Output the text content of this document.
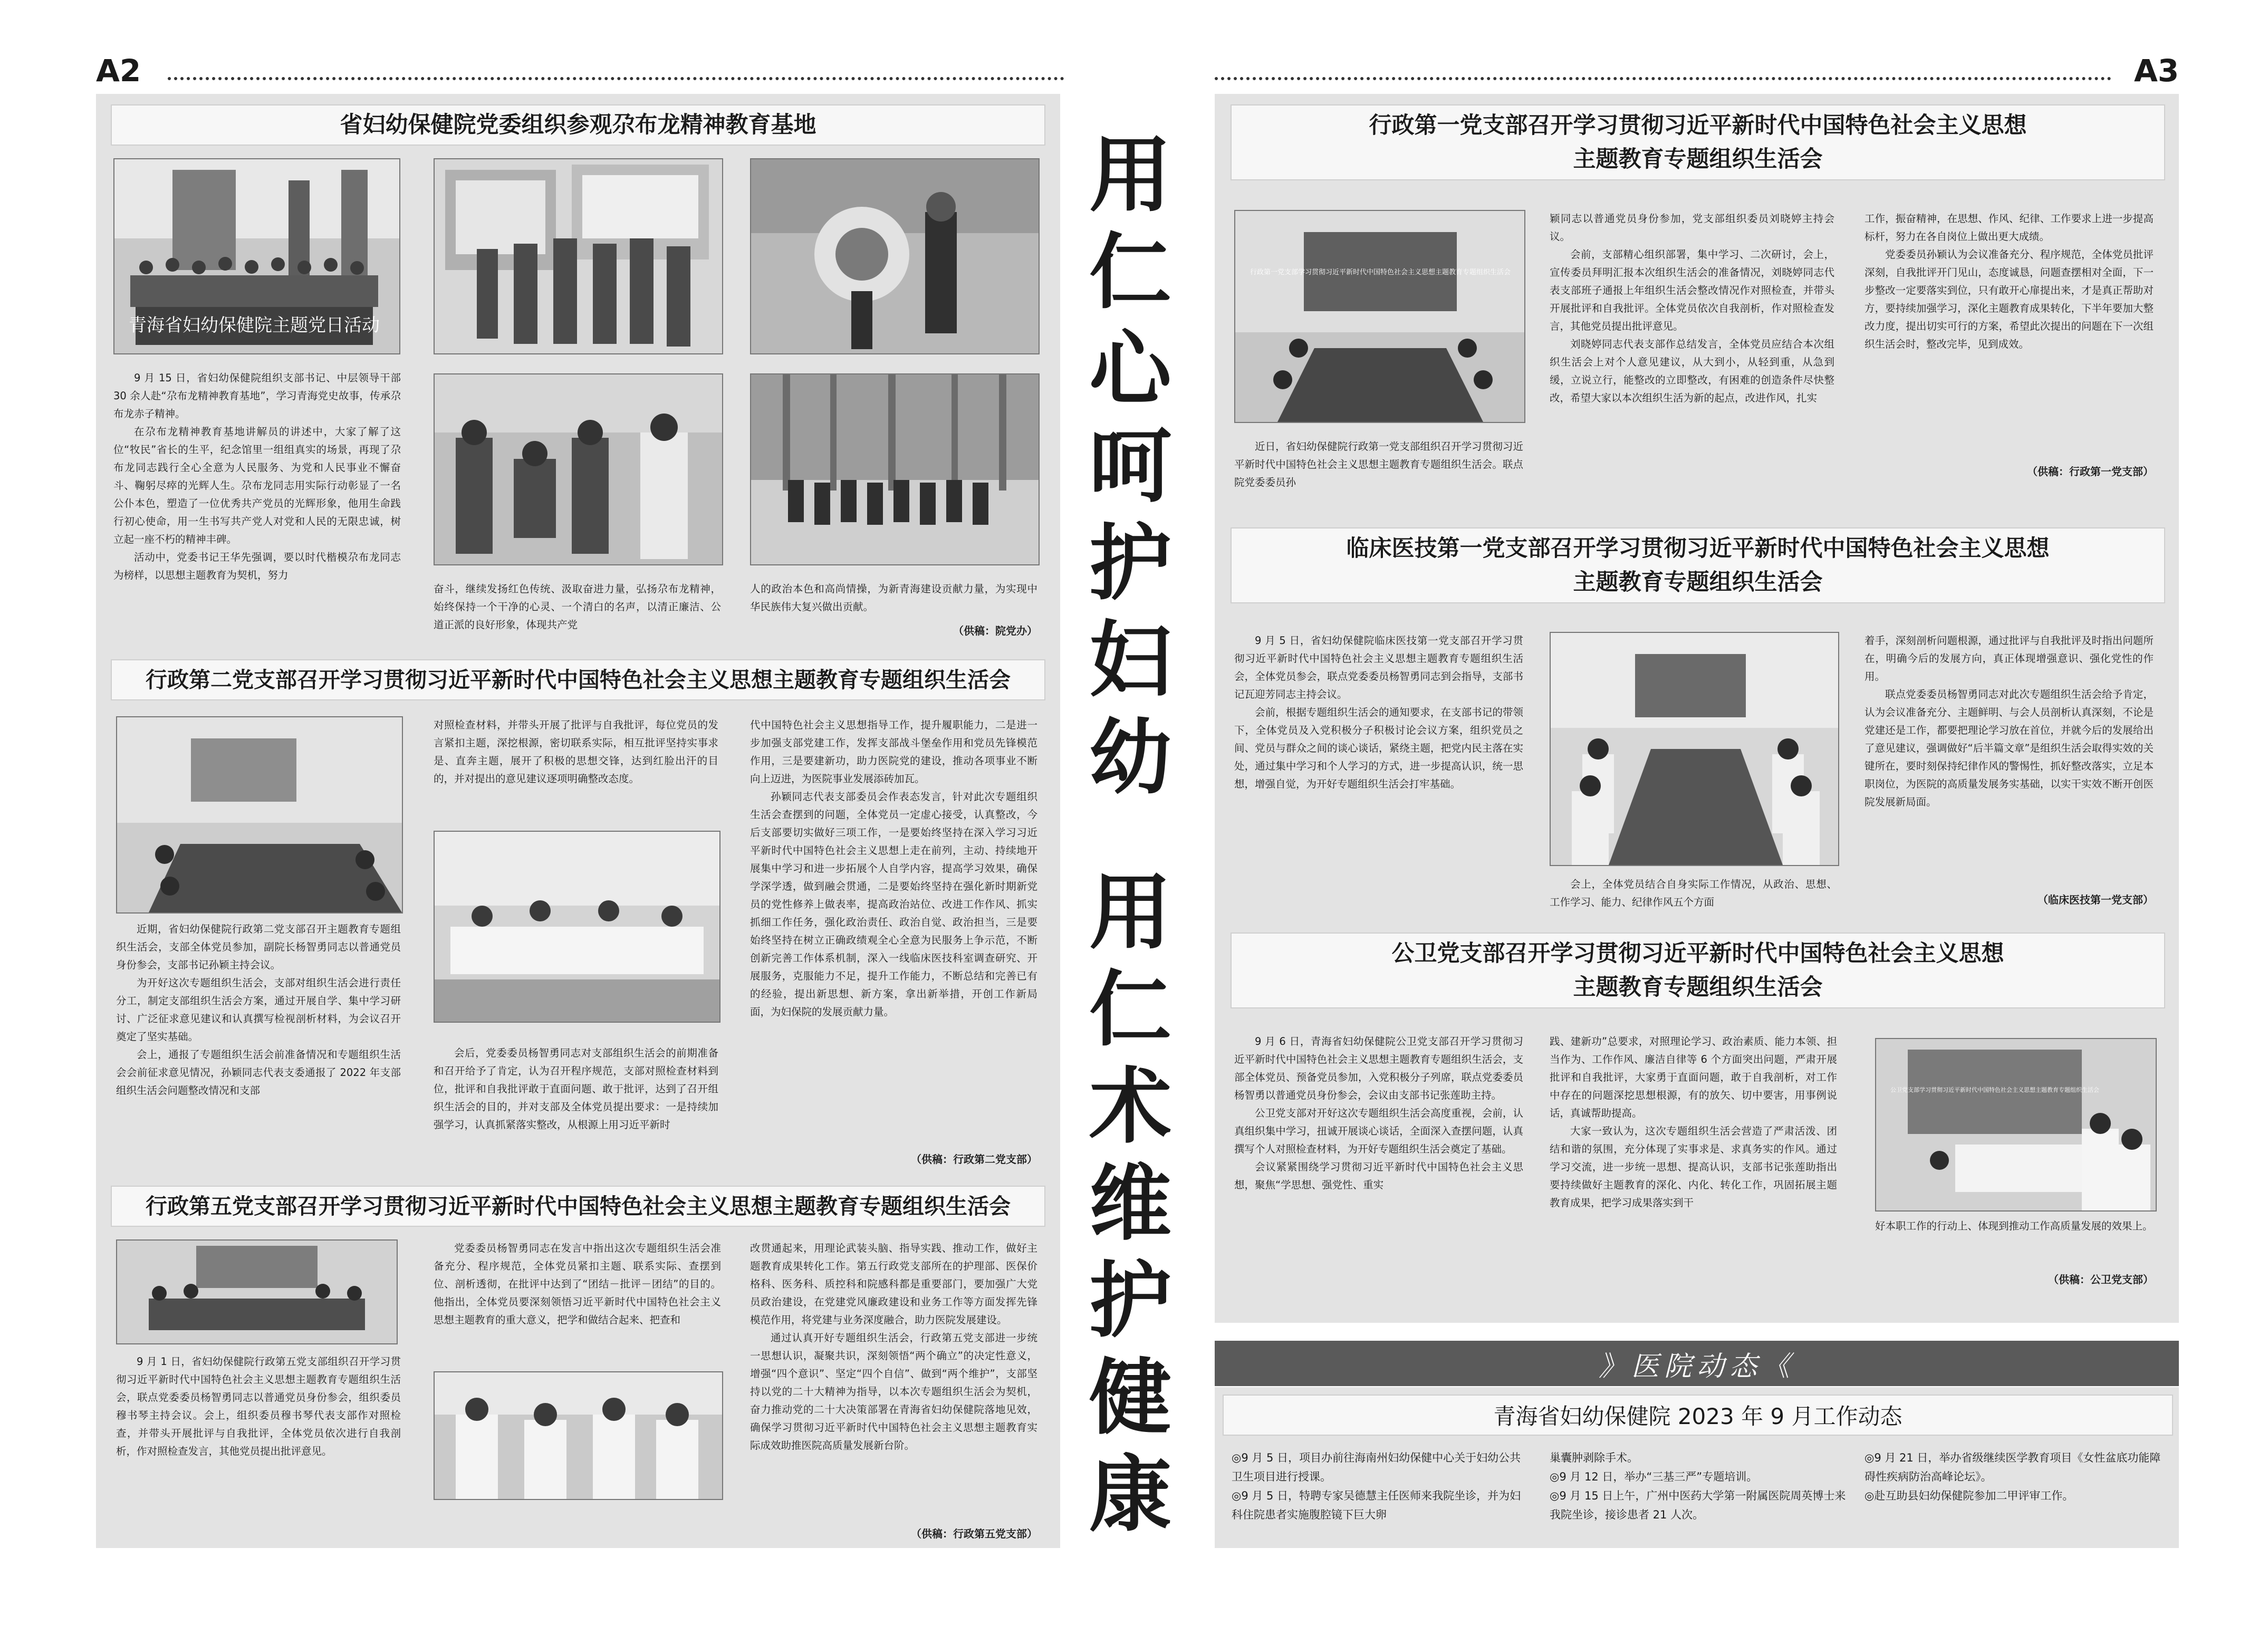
A2	A3
用
仁
心
呵
护
妇
幼
用
仁
术
维
护
健
康
省妇幼保健院党委组织参观尕布龙精神教育基地
青海省妇幼保健院主题党日活动

9 月 15 日，省妇幼保健院组织支部书记、中层领导干部 30 余人赴“尕布龙精神教育基地”，学习青海党史故事，传承尕布龙赤子精神。

在尕布龙精神教育基地讲解员的讲述中，大家了解了这位“牧民”省长的生平，纪念馆里一组组真实的场景，再现了尕布龙同志践行全心全意为人民服务、为党和人民事业不懈奋斗、鞠躬尽瘁的光辉人生。尕布龙同志用实际行动彰显了一名公仆本色，塑造了一位优秀共产党员的光辉形象，他用生命践行初心使命，用一生书写共产党人对党和人民的无限忠诚，树立起一座不朽的精神丰碑。

活动中，党委书记王华先强调，要以时代楷模尕布龙同志为榜样，以思想主题教育为契机，努力

奋斗，继续发扬红色传统、汲取奋进力量，弘扬尕布龙精神，始终保持一个干净的心灵、一个清白的名声，以清正廉洁、公道正派的良好形象，体现共产党

人的政治本色和高尚情操，为新青海建设贡献力量，为实现中华民族伟大复兴做出贡献。

（供稿：院党办）
行政第二党支部召开学习贯彻习近平新时代中国特色社会主义思想主题教育专题组织生活会

近期，省妇幼保健院行政第二党支部召开主题教育专题组织生活会，支部全体党员参加，副院长杨智勇同志以普通党员身份参会，支部书记孙颖主持会议。

为开好这次专题组织生活会，支部对组织生活会进行责任分工，制定支部组织生活会方案，通过开展自学、集中学习研讨、广泛征求意见建议和认真撰写检视剖析材料，为会议召开奠定了坚实基础。

会上，通报了专题组织生活会前准备情况和专题组织生活会会前征求意见情况，孙颖同志代表支委通报了 2022 年支部组织生活会问题整改情况和支部

对照检查材料，并带头开展了批评与自我批评，每位党员的发言紧扣主题，深挖根源，密切联系实际，相互批评坚持实事求是、直奔主题，展开了积极的思想交锋，达到红脸出汗的目的，并对提出的意见建议逐项明确整改态度。

会后，党委委员杨智勇同志对支部组织生活会的前期准备和召开给予了肯定，认为召开程序规范，支部对照检查材料到位，批评和自我批评敢于直面问题、敢于批评，达到了召开组织生活会的目的，并对支部及全体党员提出要求：一是持续加强学习，认真抓紧落实整改，从根源上用习近平新时

代中国特色社会主义思想指导工作，提升履职能力，二是进一步加强支部党建工作，发挥支部战斗堡垒作用和党员先锋模范作用，三是要建新功，助力医院党的建设，推动各项事业不断向上迈进，为医院事业发展添砖加瓦。

孙颖同志代表支部委员会作表态发言，针对此次专题组织生活会查摆到的问题，全体党员一定虚心接受，认真整改，今后支部要切实做好三项工作，一是要始终坚持在深入学习习近平新时代中国特色社会主义思想上走在前列，主动、持续地开展集中学习和进一步拓展个人自学内容，提高学习效果，确保学深学透，做到融会贯通，二是要始终坚持在强化新时期新党员的党性修养上做表率，提高政治站位、改进工作作风、抓实抓细工作任务，强化政治责任、政治自觉、政治担当，三是要始终坚持在树立正确政绩观全心全意为民服务上争示范，不断创新完善工作体系机制，深入一线临床医技科室调查研究、开展服务，克服能力不足，提升工作能力，不断总结和完善已有的经验，提出新思想、新方案，拿出新举措，开创工作新局面，为妇保院的发展贡献力量。

（供稿：行政第二党支部）
行政第五党支部召开学习贯彻习近平新时代中国特色社会主义思想主题教育专题组织生活会

9 月 1 日，省妇幼保健院行政第五党支部组织召开学习贯彻习近平新时代中国特色社会主义思想主题教育专题组织生活会，联点党委委员杨智勇同志以普通党员身份参会，组织委员穆书琴主持会议。会上，组织委员穆书琴代表支部作对照检查，并带头开展批评与自我批评，全体党员依次进行自我剖析，作对照检查发言，其他党员提出批评意见。

党委委员杨智勇同志在发言中指出这次专题组织生活会准备充分、程序规范，全体党员紧扣主题、联系实际、查摆到位、剖析透彻，在批评中达到了“团结－批评－团结”的目的。他指出，全体党员要深刻领悟习近平新时代中国特色社会主义思想主题教育的重大意义，把学和做结合起来、把查和

改贯通起来，用理论武装头脑、指导实践、推动工作，做好主题教育成果转化工作。第五行政党支部所在的护理部、医保价格科、医务科、质控科和院感科都是重要部门，要加强广大党员政治建设，在党建党风廉政建设和业务工作等方面发挥先锋模范作用，将党建与业务深度融合，助力医院发展建设。

通过认真开好专题组织生活会，行政第五党支部进一步统一思想认识，凝聚共识，深刻领悟“两个确立”的决定性意义，增强“四个意识”、坚定“四个自信”、做到“两个维护”，支部坚持以党的二十大精神为指导，以本次专题组织生活会为契机，奋力推动党的二十大决策部署在青海省妇幼保健院落地见效，确保学习贯彻习近平新时代中国特色社会主义思想主题教育实际成效助推医院高质量发展新台阶。

（供稿：行政第五党支部）
行政第一党支部召开学习贯彻习近平新时代中国特色社会主义思想
主题教育专题组织生活会
行政第一党支部学习贯彻习近平新时代中国特色社会主义思想主题教育专题组织生活会

近日，省妇幼保健院行政第一党支部组织召开学习贯彻习近平新时代中国特色社会主义思想主题教育专题组织生活会。联点院党委委员孙

颖同志以普通党员身份参加，党支部组织委员刘晓婷主持会议。

会前，支部精心组织部署，集中学习、二次研讨，会上，宣传委员拜明汇报本次组织生活会的准备情况，刘晓婷同志代表支部班子通报上年组织生活会整改情况作对照检查，并带头开展批评和自我批评。全体党员依次自我剖析，作对照检查发言，其他党员提出批评意见。

刘晓婷同志代表支部作总结发言，全体党员应结合本次组织生活会上对个人意见建议，从大到小，从轻到重，从急到缓，立说立行，能整改的立即整改，有困难的创造条件尽快整改，希望大家以本次组织生活为新的起点，改进作风，扎实

工作，振奋精神，在思想、作风、纪律、工作要求上进一步提高标杆，努力在各自岗位上做出更大成绩。

党委委员孙颖认为会议准备充分、程序规范，全体党员批评深刻，自我批评开门见山，态度诚恳，问题查摆相对全面，下一步整改一定要落实到位，只有敢开心扉提出来，才是真正帮助对方，要持续加强学习，深化主题教育成果转化，下半年要加大整改力度，提出切实可行的方案，希望此次提出的问题在下一次组织生活会时，整改完毕，见到成效。

（供稿：行政第一党支部）
临床医技第一党支部召开学习贯彻习近平新时代中国特色社会主义思想
主题教育专题组织生活会

9 月 5 日，省妇幼保健院临床医技第一党支部召开学习贯彻习近平新时代中国特色社会主义思想主题教育专题组织生活会，全体党员参会，联点党委委员杨智勇同志到会指导，支部书记瓦迎芳同志主持会议。

会前，根据专题组织生活会的通知要求，在支部书记的带领下，全体党员及入党积极分子积极讨论会议方案，组织党员之间、党员与群众之间的谈心谈话，紧绕主题，把党内民主落在实处，通过集中学习和个人学习的方式，进一步提高认识，统一思想，增强自觉，为开好专题组织生活会打牢基础。

会上，全体党员结合自身实际工作情况，从政治、思想、工作学习、能力、纪律作风五个方面

着手，深刻剖析问题根源，通过批评与自我批评及时指出问题所在，明确今后的发展方向，真正体现增强意识、强化党性的作用。

联点党委委员杨智勇同志对此次专题组织生活会给予肯定，认为会议准备充分、主题鲜明、与会人员剖析认真深刻，不论是党建还是工作，都要把理论学习放在首位，并就今后的发展给出了意见建议，强调做好“后半篇文章”是组织生活会取得实效的关键所在，要时刻保持纪律作风的警惕性，抓好整改落实，立足本职岗位，为医院的高质量发展务实基础，以实干实效不断开创医院发展新局面。

（临床医技第一党支部）
公卫党支部召开学习贯彻习近平新时代中国特色社会主义思想
主题教育专题组织生活会
公卫党支部学习贯彻习近平新时代中国特色社会主义思想主题教育专题组织生活会

9 月 6 日，青海省妇幼保健院公卫党支部召开学习贯彻习近平新时代中国特色社会主义思想主题教育专题组织生活会，支部全体党员、预备党员参加，入党积极分子列席，联点党委委员杨智勇以普通党员身份参会，会议由支部书记张莲助主持。

公卫党支部对开好这次专题组织生活会高度重视，会前，认真组织集中学习，扭诚开展谈心谈话，全面深入查摆问题，认真撰写个人对照检查材料，为开好专题组织生活会奠定了基础。

会议紧紧围绕学习贯彻习近平新时代中国特色社会主义思想，聚焦“学思想、强党性、重实

践、建新功”总要求，对照理论学习、政治素质、能力本领、担当作为、工作作风、廉洁自律等 6 个方面突出问题，严肃开展批评和自我批评，大家勇于直面问题，敢于自我剖析，对工作中存在的问题深挖思想根源，有的放矢、切中要害，用事例说话，真诚帮助提高。

大家一致认为，这次专题组织生活会营造了严肃活泼、团结和谐的氛围，充分体现了实事求是、求真务实的作风。通过学习交流，进一步统一思想、提高认识，支部书记张莲助指出要持续做好主题教育的深化、内化、转化工作，巩固拓展主题教育成果，把学习成果落实到干

好本职工作的行动上、体现到推动工作高质量发展的效果上。

（供稿：公卫党支部）
》医院动态《
青海省妇幼保健院 2023 年 9 月工作动态

◎9 月 5 日，项目办前往海南州妇幼保健中心关于妇幼公共卫生项目进行授课。

◎9 月 5 日，特聘专家吴德慧主任医师来我院坐诊，并为妇科住院患者实施腹腔镜下巨大卵

巢囊肿剥除手术。

◎9 月 12 日，举办“三基三严”专题培训。

◎9 月 15 日上午，广州中医药大学第一附属医院周英博士来我院坐诊，接诊患者 21 人次。

◎9 月 21 日，举办省级继续医学教育项目《女性盆底功能障碍性疾病防治高峰论坛》。

◎赴互助县妇幼保健院参加二甲评审工作。
